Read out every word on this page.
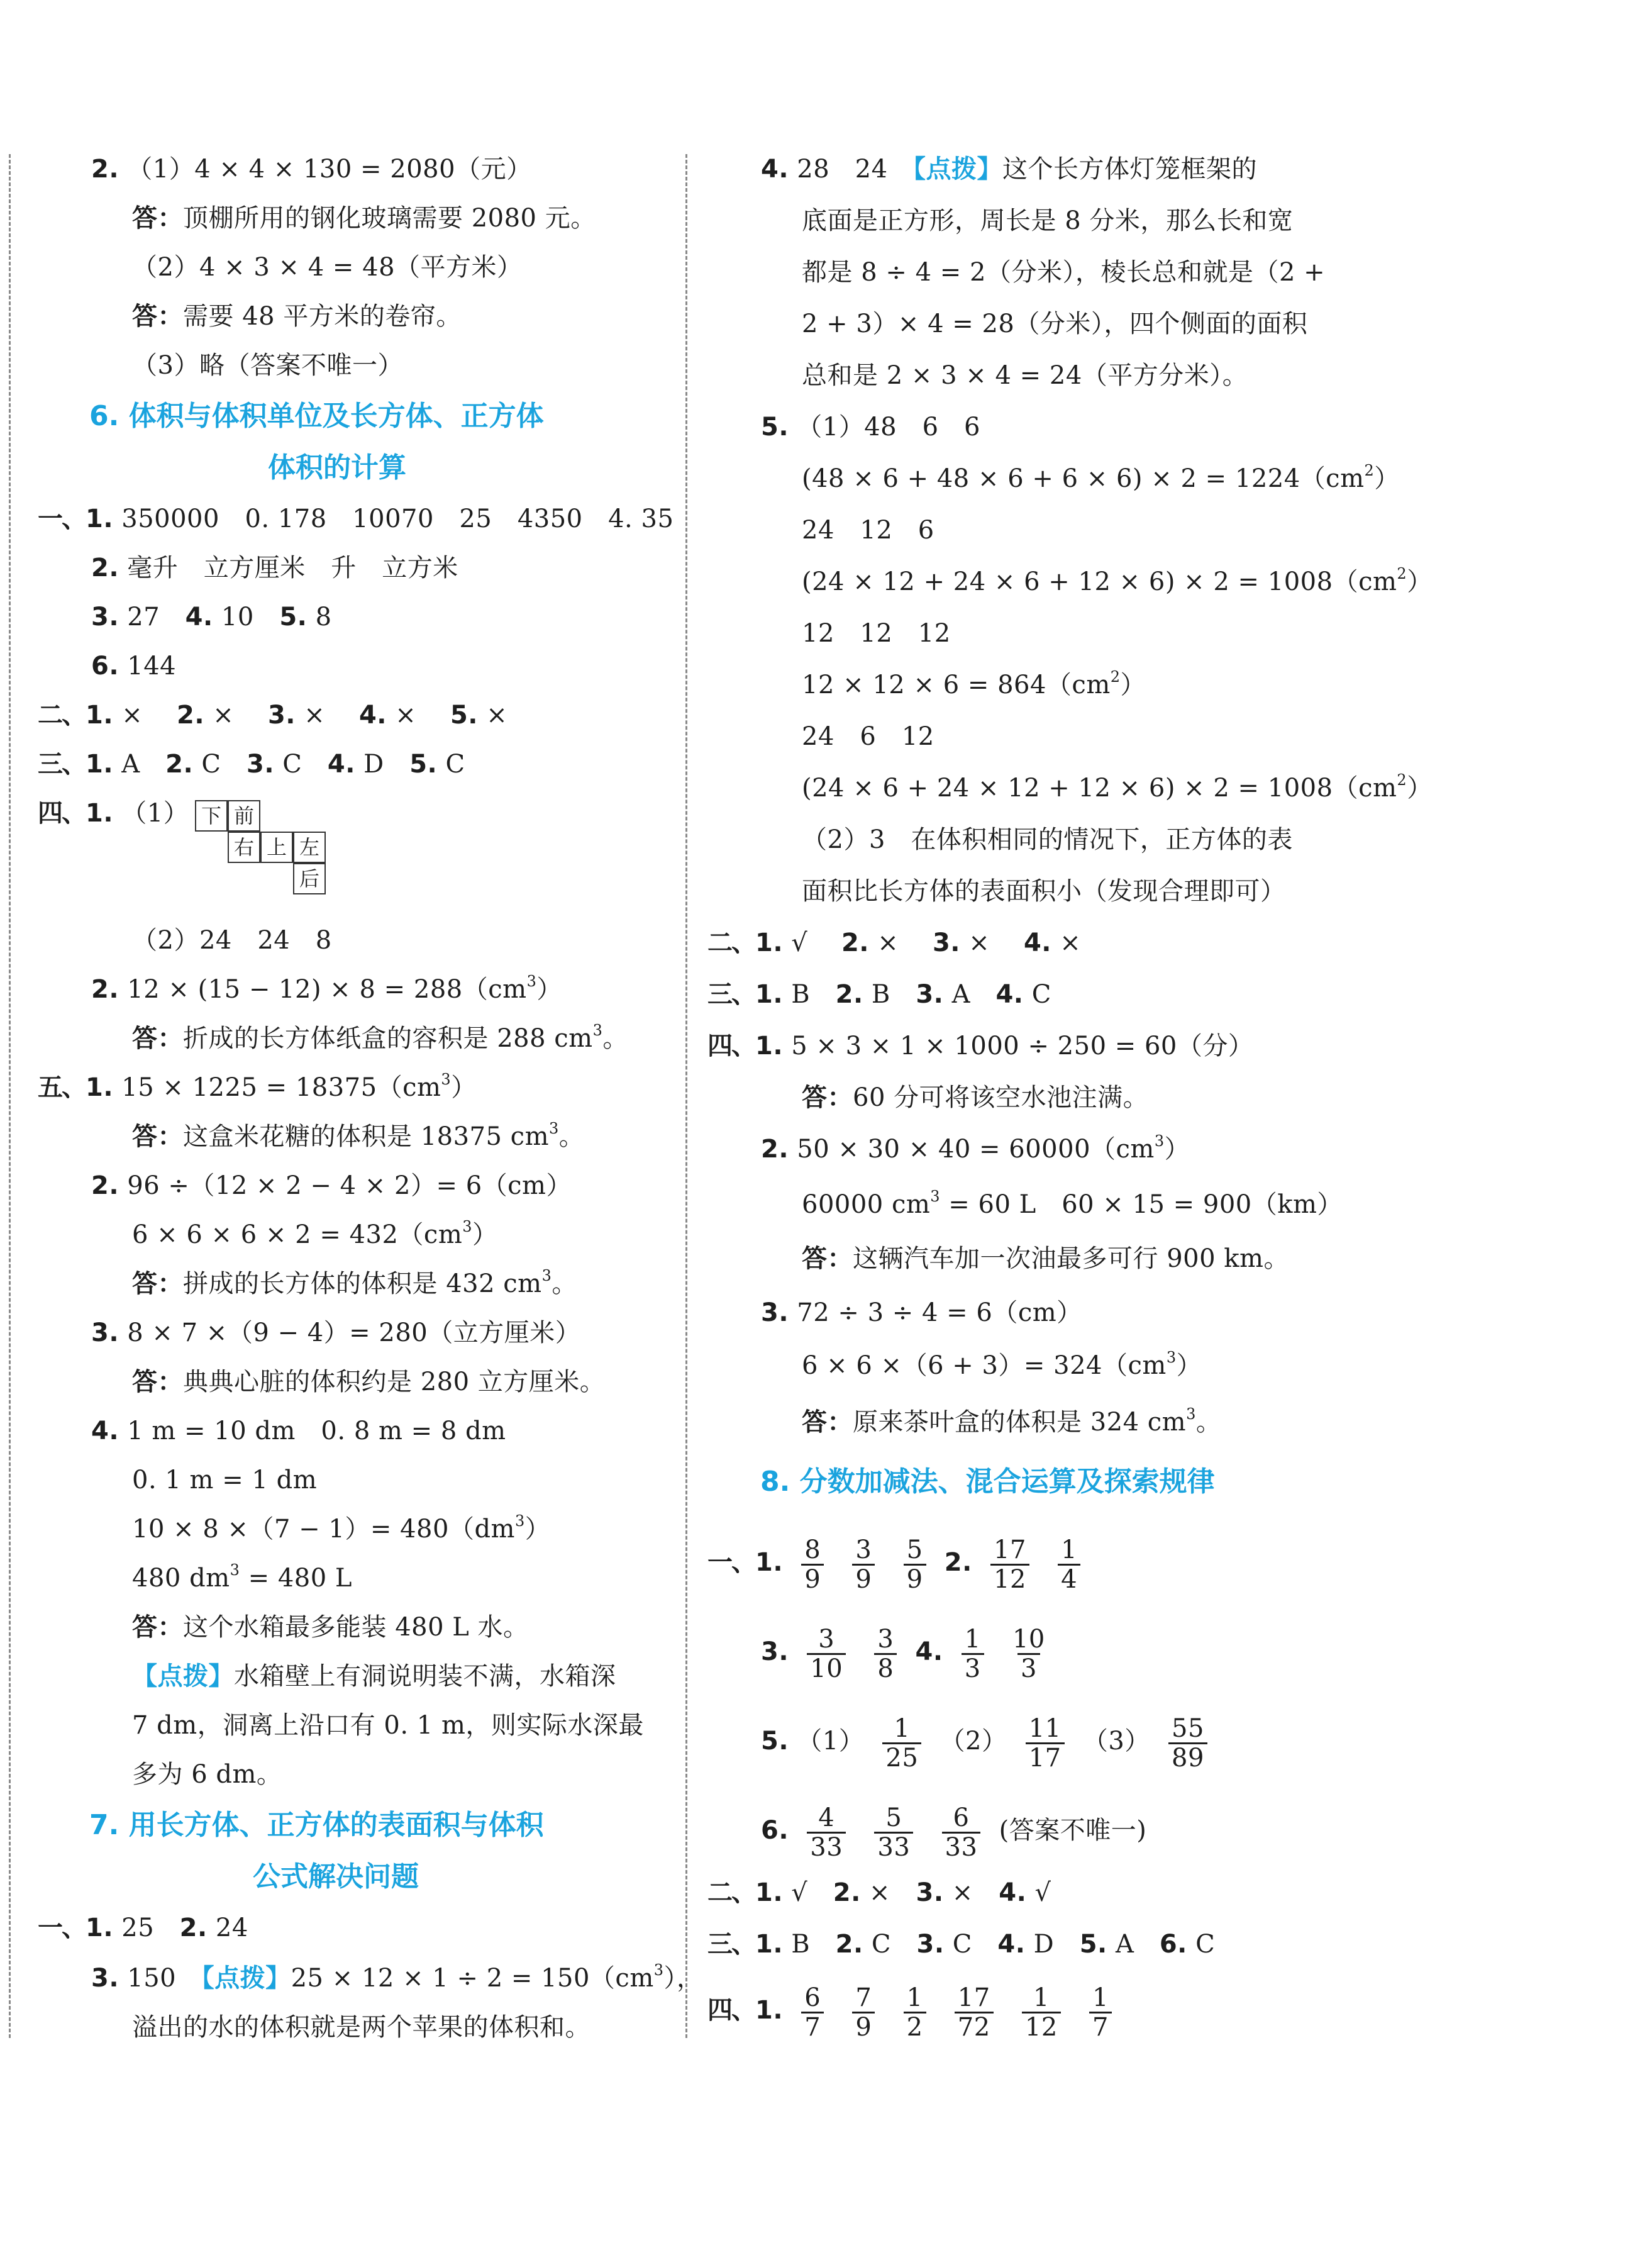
2. （1）4 × 4 × 130 = 2080（元）
答：顶棚所用的钢化玻璃需要 2080 元。
（2）4 × 3 × 4 = 48（平方米）
答：需要 48 平方米的卷帘。
（3）略（答案不唯一）
6. 体积与体积单位及长方体、正方体
体积的计算
一、1. 350000　0. 178　10070　25　4350　4. 35
2. 毫升　立方厘米　升　立方米
3. 27　 4. 10　 5. 8
6. 144
二、1. ×　 2. ×　 3. ×　 4. ×　 5. ×
三、1. A　 2. C　 3. C　 4. D　 5. C
四、1. （1） 下 前
右 上 左
后
（2）24　24　8
2. $12 \times (15 - 12) \times 8 = 288(cm^3)$
答：折成的长方体纸盒的容积是 288 $cm^3$。
五、1. $15 \times 1225 = 18375(cm^3)$
答：这盒米花糖的体积是 18375 $cm^3$。
2. 96 ÷（12 × 2 − 4 × 2）= 6（cm）
$6 \times 6 \times 6 \times 2 = 432(cm^3)$
答：拼成的长方体的体积是 432 $cm^3$。
3. 8 × 7 ×（9 − 4）= 280（立方厘米）
答：典典心脏的体积约是 280 立方厘米。
4. 1 m = 10 dm　0. 8 m = 8 dm
0. 1 m = 1 dm
$10 \times 8 \times(7 - 1)= 480(dm^3)$
480 $dm^3 = 480$ L
答：这个水箱最多能装 480 L 水。
【点拨】水箱壁上有洞说明装不满，水箱深
7 dm，洞离上沿口有 0. 1 m，则实际水深最
多为 6 dm。
7. 用长方体、正方体的表面积与体积
公式解决问题
一、1. 25　 2. 24
3. 150　 【点拨】$25 \times 12 \times 1 \div 2 = 150(cm^3)$，
溢出的水的体积就是两个苹果的体积和。
4. 28　24　 【点拨】这个长方体灯笼框架的
底面是正方形，周长是 8 分米，那么长和宽
都是 8 ÷ 4 = 2（分米），棱长总和就是（2 +
2 + 3）× 4 = 28（分米），四个侧面的面积
总和是 2 × 3 × 4 = 24（平方分米）。
5. （1）48　6　6
$(48 \times 6 + 48 \times 6 + 6 \times 6) \times 2 = 1224(cm^2)$
24　12　6
$(24 \times 12 + 24 \times 6 + 12 \times 6) \times 2 = 1008(cm^2)$
12　12　12
$12 \times 12 \times 6 = 864(cm^2)$
24　6　12
$(24 \times 6 + 24 \times 12 + 12 \times 6) \times 2 = 1008(cm^2)$
（2）3　在体积相同的情况下，正方体的表
面积比长方体的表面积小（发现合理即可）
二、1. √　 2. ×　 3. ×　 4. ×
三、1. B　 2. B　 3. A　 4. C
四、1. 5 × 3 × 1 × 1000 ÷ 250 = 60（分）
答：60 分可将该空水池注满。
2. $50 \times 30 \times 40 = 60000(cm^3)$
60000 $cm^3 = 60$ L　60 × 15 = 900（km）
答：这辆汽车加一次油最多可行 900 km。
3. 72 ÷ 3 ÷ 4 = 6（cm）
$6 \times 6 \times(6 + 3)= 324(cm^3)$
答：原来茶叶盒的体积是 324 $cm^3$。
8. 分数加减法、混合运算及探索规律
一、1. $\frac{8}{9}$
$\frac{3}{9}$
$\frac{5}{9} 2$. $\frac{17}{12}$
$\frac{1}{4}$
3. $\frac{3}{10}$
$\frac{3}{8} 4$. $\frac{1}{3}$
$\frac{10}{3}$
5. $(1) \frac{1}{25} (2) \frac{11}{17} (3) \frac{55}{89}$
6. $\frac{4}{33}$
$\frac{5}{33}$
$\frac{6}{33}$ (答案不唯一)
二、1. √　 2. ×　 3. ×　 4. √
三、1. B　 2. C　 3. C　 4. D　 5. A　 6. C
四、1. $\frac{6}{7}$
$\frac{7}{9}$
$\frac{1}{2}$
$\frac{17}{72}$
$\frac{1}{12}$
$\frac{1}{7}$
